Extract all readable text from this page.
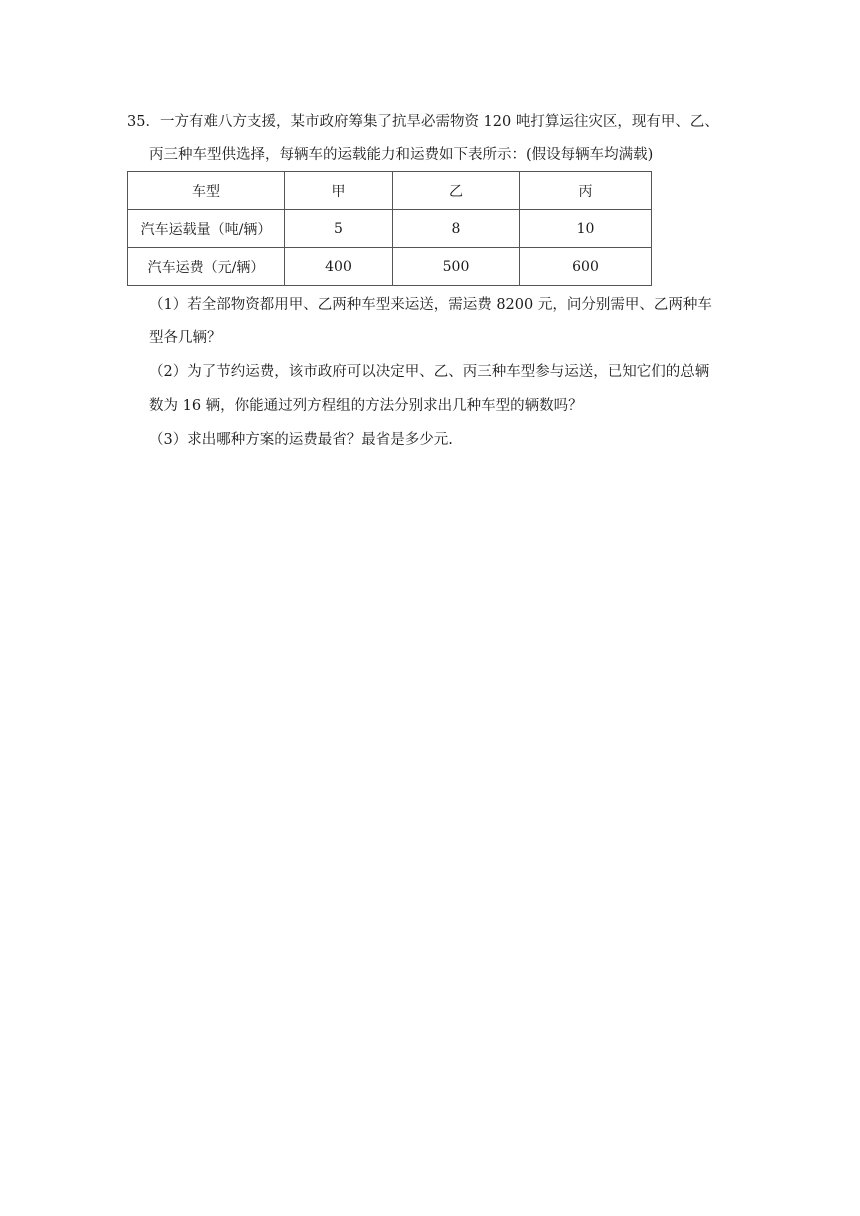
35．一方有难八方支援，某市政府筹集了抗旱必需物资 120 吨打算运往灾区，现有甲、乙、
丙三种车型供选择，每辆车的运载能力和运费如下表所示：(假设每辆车均满载)
车型	甲	乙	丙
汽车运载量（吨/辆）	5	8	10
汽车运费（元/辆）	400	500	600
（1）若全部物资都用甲、乙两种车型来运送，需运费 8200 元，问分别需甲、乙两种车
型各几辆？
（2）为了节约运费，该市政府可以决定甲、乙、丙三种车型参与运送，已知它们的总辆
数为 16 辆，你能通过列方程组的方法分别求出几种车型的辆数吗？
（3）求出哪种方案的运费最省？最省是多少元.
